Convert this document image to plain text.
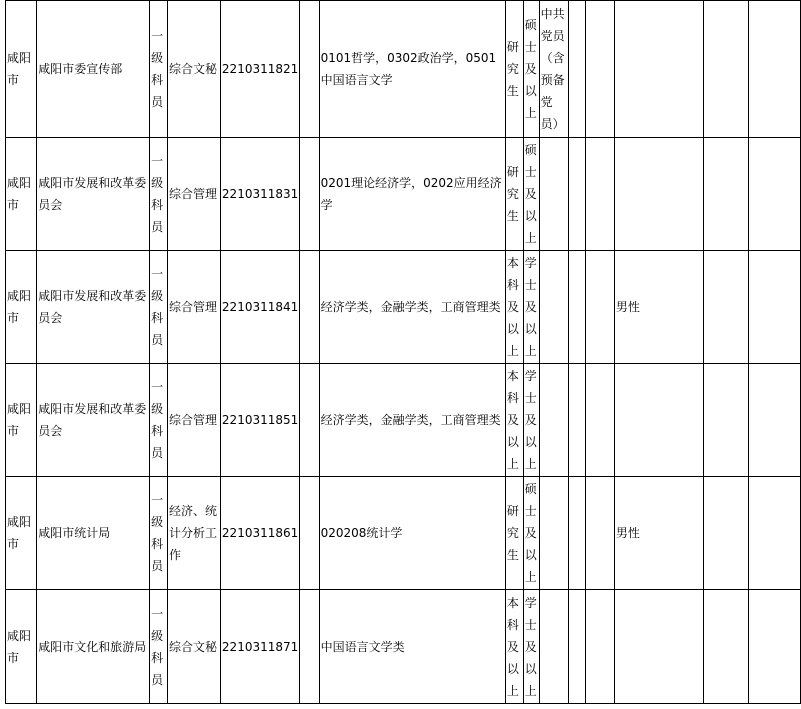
咸阳市	咸阳市委宣传部	一级科员	综合文秘	2210311821		0101哲学，0302政治学，0501中国语言文学	研究生	硕士及以上	中共党员（含预备党员）					
咸阳市	咸阳市发展和改革委员会	一级科员	综合管理	2210311831		0201理论经济学，0202应用经济学	研究生	硕士及以上						
咸阳市	咸阳市发展和改革委员会	一级科员	综合管理	2210311841		经济学类，金融学类，工商管理类	本科及以上	学士及以上				男性		
咸阳市	咸阳市发展和改革委员会	一级科员	综合管理	2210311851		经济学类，金融学类，工商管理类	本科及以上	学士及以上						
咸阳市	咸阳市统计局	一级科员	经济、统计分析工作	2210311861		020208统计学	研究生	硕士及以上				男性		
咸阳市	咸阳市文化和旅游局	一级科员	综合文秘	2210311871		中国语言文学类	本科及以上	学士及以上						
